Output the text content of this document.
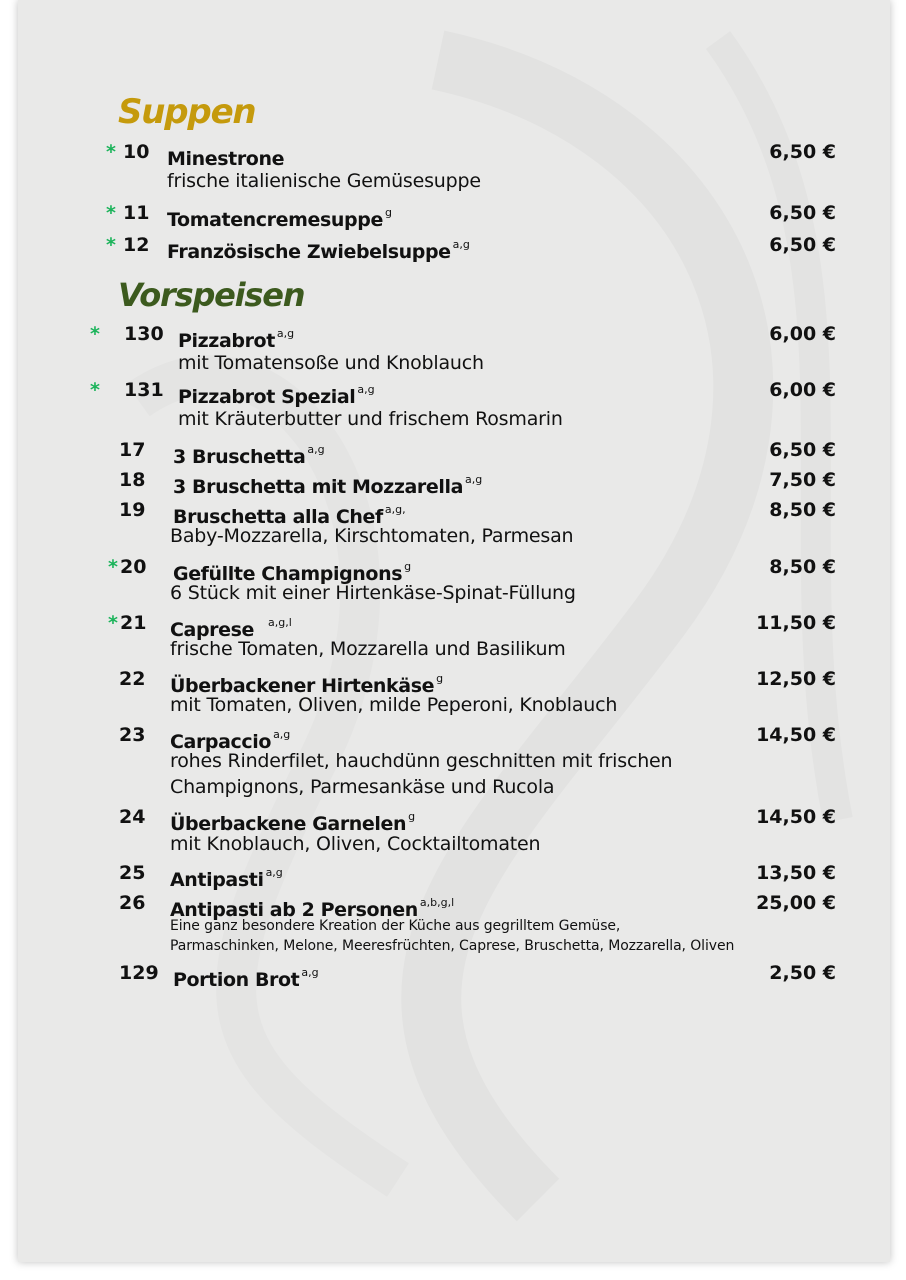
Suppen
* 10 Minestrone	6,50 €
frische italienische Gemüsesuppe
* 11 Tomatencremesuppe $^g$	6,50 €
* 12 Französische Zwiebelsuppe $^{a,g}$	6,50 €
Vorspeisen
* 130 Pizzabrot $^{a,g}$	6,00 €
mit Tomatensoße und Knoblauch
* 131 Pizzabrot Spezial $^{a,g}$	6,00 €
mit Kräuterbutter und frischem Rosmarin
17 3 Bruschetta $^{a,g}$	6,50 €
18 3 Bruschetta mit Mozzarella $^{a,g}$	7,50 €
19 Bruschetta alla Chef $^{a,g,}$	8,50 €
Baby-Mozzarella, Kirschtomaten, Parmesan
* 20 Gefüllte Champignons $^g$	8,50 €
6 Stück mit einer Hirtenkäse-Spinat-Füllung
* 21 Caprese $^{a,g,l}$	11,50 €
frische Tomaten, Mozzarella und Basilikum
22 Überbackener Hirtenkäse $^g$	12,50 €
mit Tomaten, Oliven, milde Peperoni, Knoblauch
23 Carpaccio $^{a,g}$	14,50 €
rohes Rinderfilet, hauchdünn geschnitten mit frischen
Champignons, Parmesankäse und Rucola
24 Überbackene Garnelen $^g$	14,50 €
mit Knoblauch, Oliven, Cocktailtomaten
25 Antipasti $^{a,g}$	13,50 €
26 Antipasti ab 2 Personen $^{a,b,g,l}$	25,00 €
Eine ganz besondere Kreation der Küche aus gegrilltem Gemüse,
Parmaschinken, Melone, Meeresfrüchten, Caprese, Bruschetta, Mozzarella, Oliven
129 Portion Brot $^{a,g}$	2,50 €
